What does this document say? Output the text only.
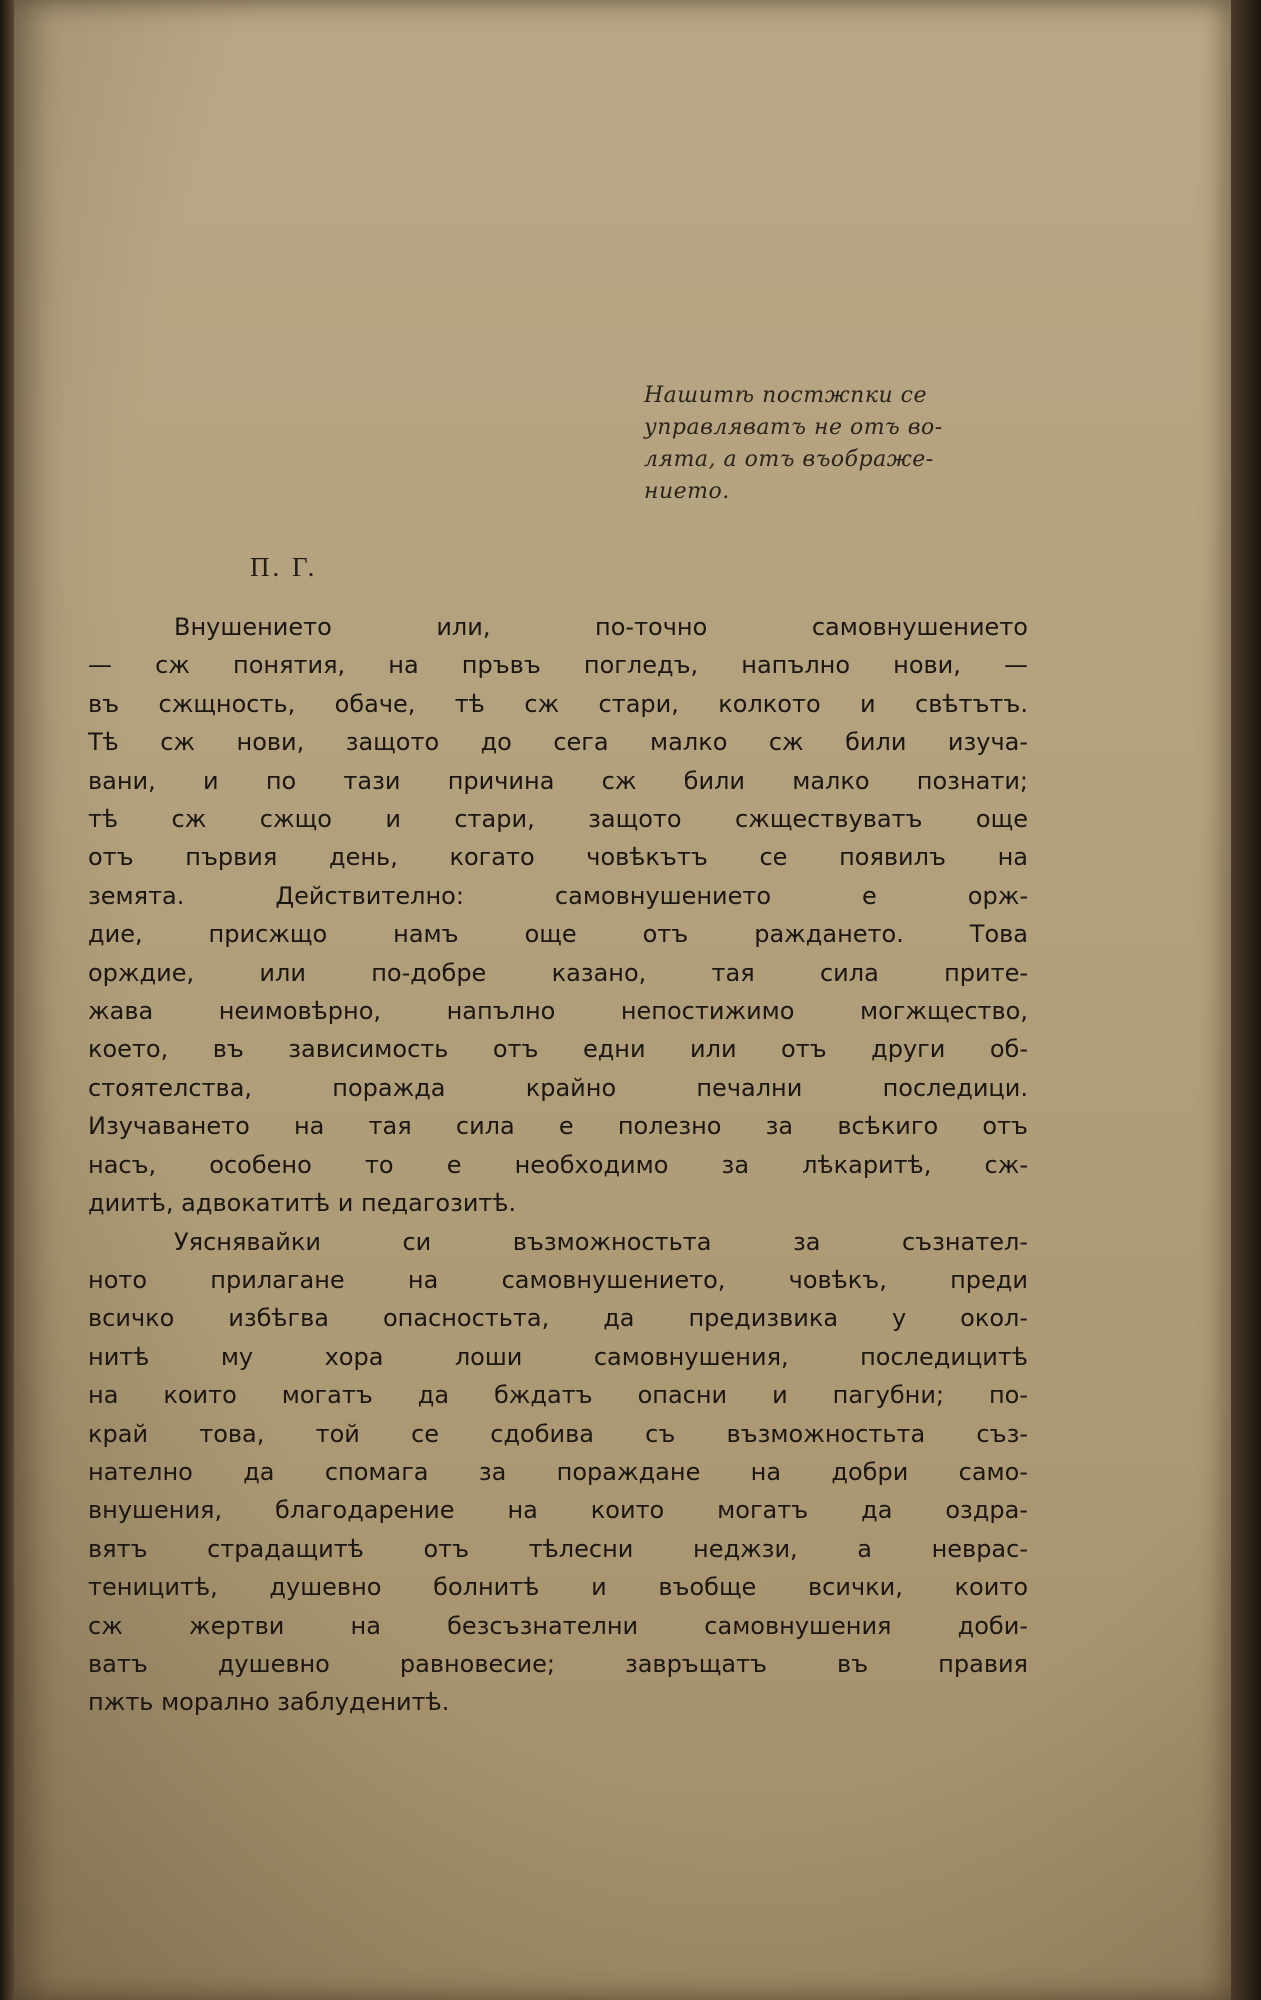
Нашитѣ постжпки се
управляватъ не отъ во-
лята, а отъ въображе-
нието.
П. Г.
Внушението или, по-точно самовнушението
— сж понятия, на пръвъ погледъ, напълно нови, —
въ сжщность, обаче, тѣ сж стари, колкото и свѣтътъ.
Тѣ сж нови, защото до сега малко сж били изуча-
вани, и по тази причина сж били малко познати;
тѣ сж сжщо и стари, защото сжществуватъ още
отъ първия день, когато човѣкътъ се появилъ на
земята. Действително: самовнушението е орж-
дие, присжщо намъ още отъ раждането. Това
орждие, или по-добре казано, тая сила прите-
жава неимовѣрно, напълно непостижимо могжщество,
което, въ зависимость отъ едни или отъ други об-
стоятелства, поражда крайно печални последици.
Изучаването на тая сила е полезно за всѣкиго отъ
насъ, особено то е необходимо за лѣкаритѣ, сж-
диитѣ, адвокатитѣ и педагозитѣ.
Уяснявайки си възможностьта за съзнател-
ното прилагане на самовнушението, човѣкъ, преди
всичко избѣгва опасностьта, да предизвика у окол-
нитѣ му хора лоши самовнушения, последицитѣ
на които могатъ да бждатъ опасни и пагубни; по-
край това, той се сдобива съ възможностьта съз-
нателно да спомага за пораждане на добри само-
внушения, благодарение на които могатъ да оздра-
вятъ страдащитѣ отъ тѣлесни неджзи, а неврас-
теницитѣ, душевно болнитѣ и въобще всички, които
сж жертви на безсъзнателни самовнушения доби-
ватъ душевно равновесие; завръщатъ въ правия
пжть морално заблуденитѣ.
